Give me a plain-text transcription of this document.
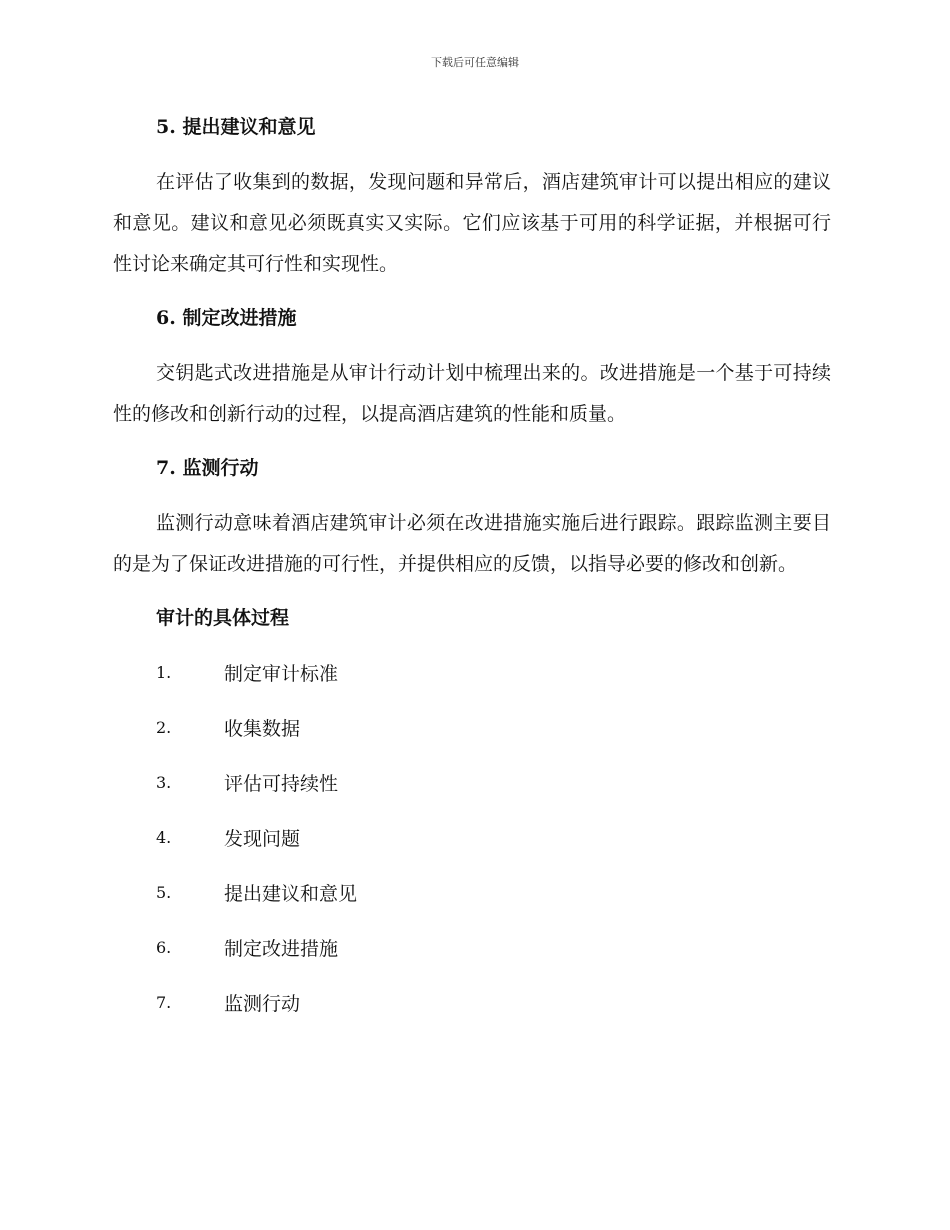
下载后可任意编辑
5. 提出建议和意见

在评估了收集到的数据，发现问题和异常后，酒店建筑审计可以提出相应的建议和意见。建议和意见必须既真实又实际。它们应该基于可用的科学证据，并根据可行性讨论来确定其可行性和实现性。

6. 制定改进措施

交钥匙式改进措施是从审计行动计划中梳理出来的。改进措施是一个基于可持续性的修改和创新行动的过程，以提高酒店建筑的性能和质量。

7. 监测行动

监测行动意味着酒店建筑审计必须在改进措施实施后进行跟踪。跟踪监测主要目的是为了保证改进措施的可行性，并提供相应的反馈，以指导必要的修改和创新。

审计的具体过程
1.	制定审计标准
2.	收集数据
3.	评估可持续性
4.	发现问题
5.	提出建议和意见
6.	制定改进措施
7.	监测行动
